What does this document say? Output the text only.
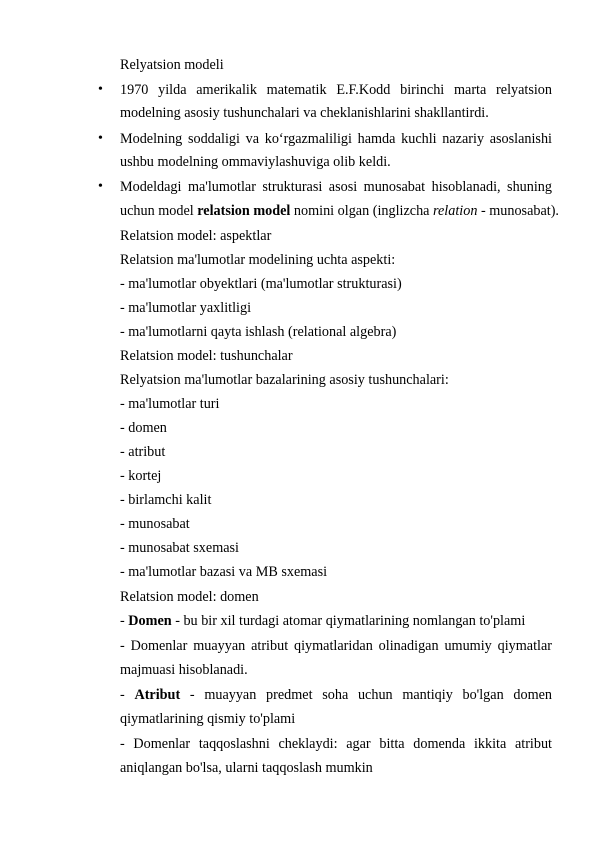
Relyatsion modeli
• 1970 yilda amerikalik matematik E.F.Kodd birinchi marta relyatsion
modelning asosiy tushunchalari va cheklanishlarini shakllantirdi.
• Modelning soddaligi va ko‘rgazmaliligi hamda kuchli nazariy asoslanishi
ushbu modelning ommaviylashuviga olib keldi.
• Modeldagi ma'lumotlar strukturasi asosi munosabat hisoblanadi, shuning
uchun model relatsion model nomini olgan (inglizcha relation - munosabat).
Relatsion model: aspektlar
Relatsion ma'lumotlar modelining uchta aspekti:
- ma'lumotlar obyektlari (ma'lumotlar strukturasi)
- ma'lumotlar yaxlitligi
- ma'lumotlarni qayta ishlash (relational algebra)
Relatsion model: tushunchalar
Relyatsion ma'lumotlar bazalarining asosiy tushunchalari:
- ma'lumotlar turi
- domen
- atribut
- kortej
- birlamchi kalit
- munosabat
- munosabat sxemasi
- ma'lumotlar bazasi va MB sxemasi
Relatsion model: domen
- Domen - bu bir xil turdagi atomar qiymatlarining nomlangan to'plami
- Domenlar muayyan atribut qiymatlaridan olinadigan umumiy qiymatlar
majmuasi hisoblanadi.
- Atribut - muayyan predmet soha uchun mantiqiy bo'lgan domen
qiymatlarining qismiy to'plami
- Domenlar taqqoslashni cheklaydi: agar bitta domenda ikkita atribut
aniqlangan bo'lsa, ularni taqqoslash mumkin
